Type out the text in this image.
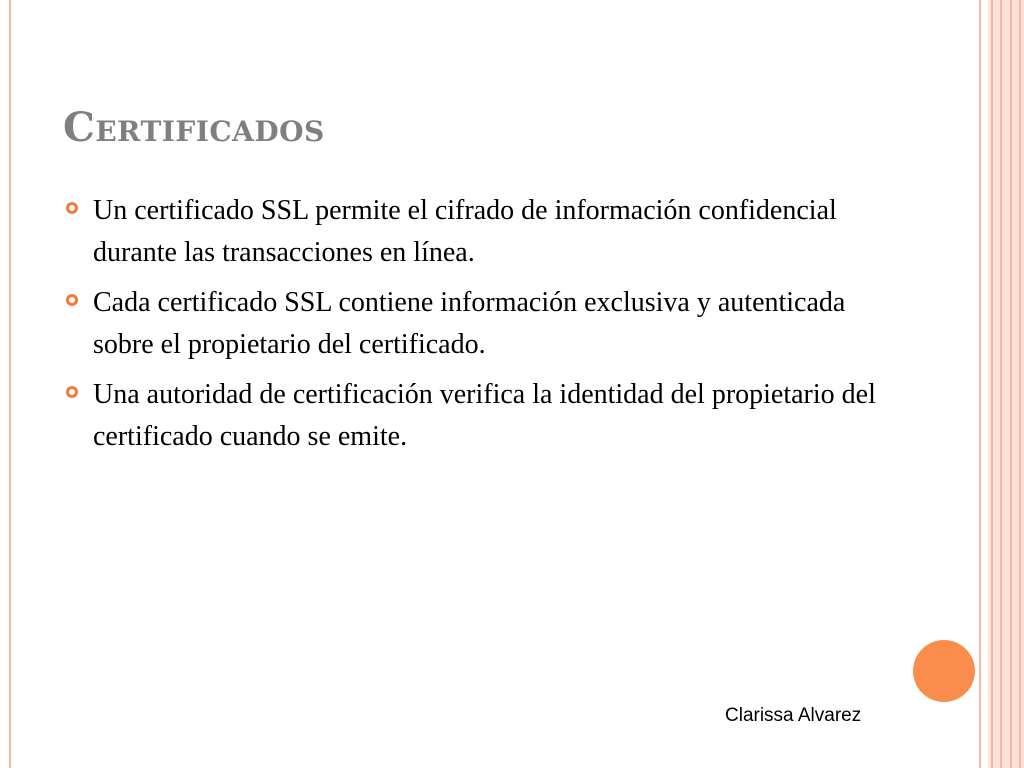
Certificados
Un certificado SSL permite el cifrado de información confidencial durante las transacciones en línea.
Cada certificado SSL contiene información exclusiva y autenticada sobre el propietario del certificado.
Una autoridad de certificación verifica la identidad del propietario del certificado cuando se emite.
Clarissa Alvarez
